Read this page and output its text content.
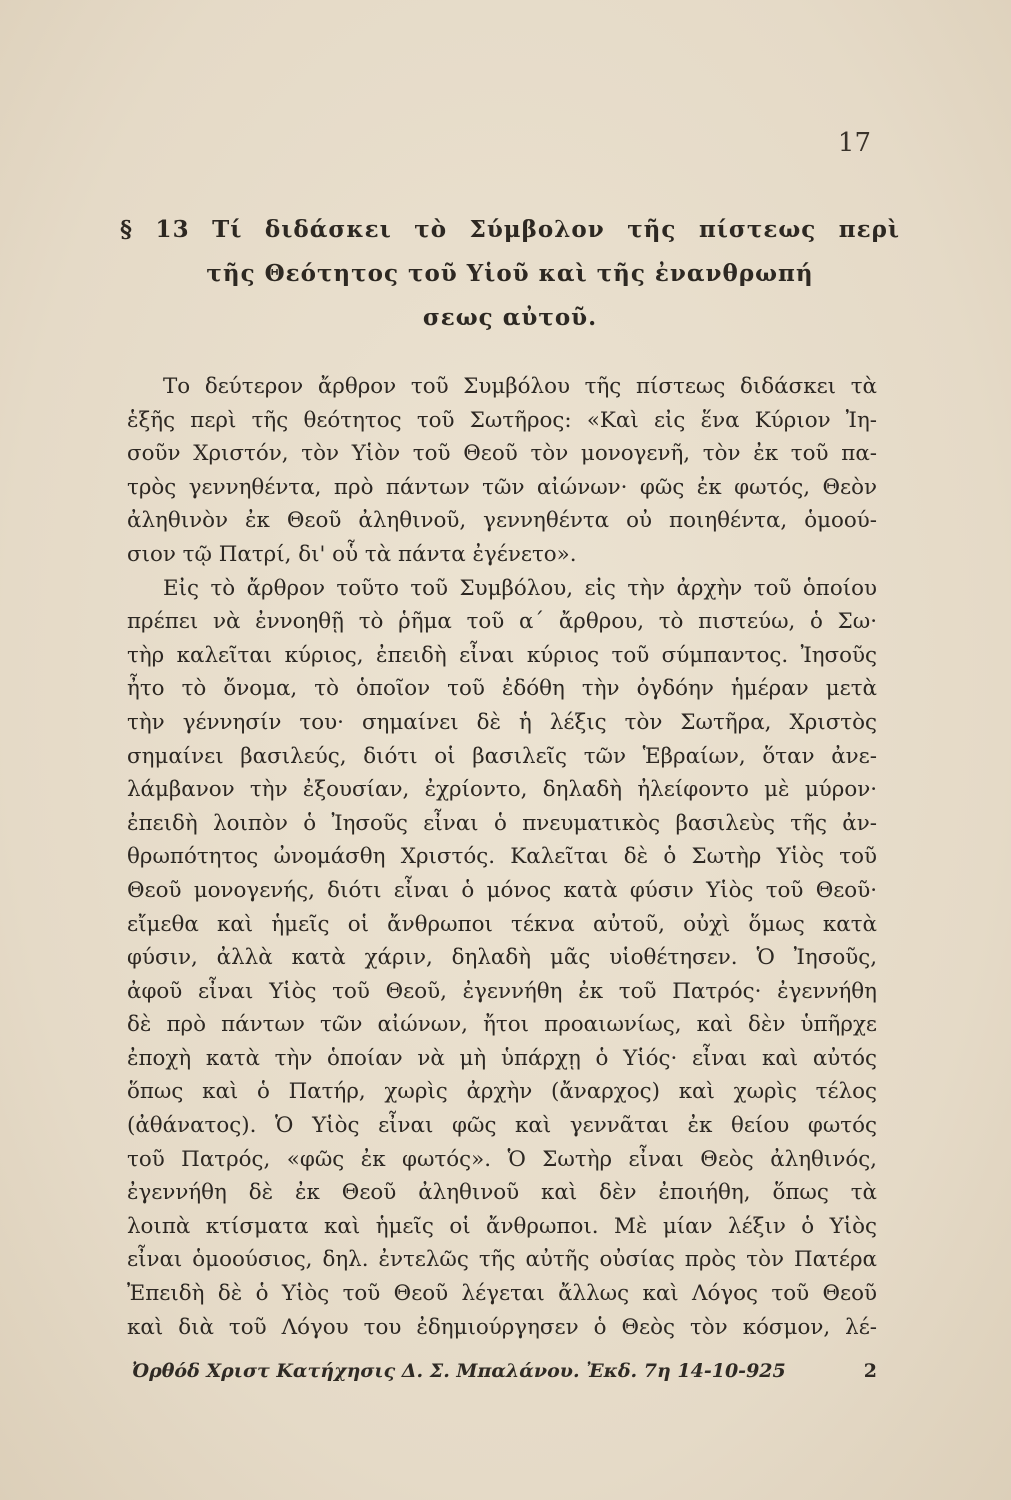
17
§ 13 Τί διδάσκει τὸ Σύμβολον τῆς πίστεως περὶ
τῆς Θεότητος τοῦ Υἱοῦ καὶ τῆς ἐνανθρωπή
σεως αὐτοῦ.
Το δεύτερον ἄρθρον τοῦ Συμβόλου τῆς πίστεως διδάσκει τὰ
ἑξῆς περὶ τῆς θεότητος τοῦ Σωτῆρος: «Καὶ εἰς ἕνα Κύριον Ἰη-
σοῦν Χριστόν, τὸν Υἱὸν τοῦ Θεοῦ τὸν μονογενῆ, τὸν ἐκ τοῦ πα-
τρὸς γεννηθέντα, πρὸ πάντων τῶν αἰώνων· φῶς ἐκ φωτός, Θεὸν
ἀληθινὸν ἐκ Θεοῦ ἀληθινοῦ, γεννηθέντα οὐ ποιηθέντα, ὁμοού-
σιον τῷ Πατρί, δι' οὗ τὰ πάντα ἐγένετο».
Εἰς τὸ ἄρθρον τοῦτο τοῦ Συμβόλου, εἰς τὴν ἀρχὴν τοῦ ὁποίου
πρέπει νὰ ἐννοηθῇ τὸ ῥῆμα τοῦ α΄ ἄρθρου, τὸ πιστεύω, ὁ Σω·
τὴρ καλεῖται κύριος, ἐπειδὴ εἶναι κύριος τοῦ σύμπαντος. Ἰησοῦς
ἦτο τὸ ὄνομα, τὸ ὁποῖον τοῦ ἐδόθη τὴν ὀγδόην ἡμέραν μετὰ
τὴν γέννησίν του· σημαίνει δὲ ἡ λέξις τὸν Σωτῆρα, Χριστὸς
σημαίνει βασιλεύς, διότι οἱ βασιλεῖς τῶν Ἑβραίων, ὅταν ἀνε-
λάμβανον τὴν ἐξουσίαν, ἐχρίοντο, δηλαδὴ ἠλείφοντο μὲ μύρον·
ἐπειδὴ λοιπὸν ὁ Ἰησοῦς εἶναι ὁ πνευματικὸς βασιλεὺς τῆς ἀν-
θρωπότητος ὠνομάσθη Χριστός. Καλεῖται δὲ ὁ Σωτὴρ Υἱὸς τοῦ
Θεοῦ μονογενής, διότι εἶναι ὁ μόνος κατὰ φύσιν Υἱὸς τοῦ Θεοῦ·
εἴμεθα καὶ ἡμεῖς οἱ ἄνθρωποι τέκνα αὐτοῦ, οὐχὶ ὅμως κατὰ
φύσιν, ἀλλὰ κατὰ χάριν, δηλαδὴ μᾶς υἱοθέτησεν. Ὁ Ἰησοῦς,
ἀφοῦ εἶναι Υἱὸς τοῦ Θεοῦ, ἐγεννήθη ἐκ τοῦ Πατρός· ἐγεννήθη
δὲ πρὸ πάντων τῶν αἰώνων, ἤτοι προαιωνίως, καὶ δὲν ὑπῆρχε
ἐποχὴ κατὰ τὴν ὁποίαν νὰ μὴ ὑπάρχῃ ὁ Υἱός· εἶναι καὶ αὐτός
ὅπως καὶ ὁ Πατήρ, χωρὶς ἀρχὴν (ἄναρχος) καὶ χωρὶς τέλος
(ἀθάνατος). Ὁ Υἱὸς εἶναι φῶς καὶ γεννᾶται ἐκ θείου φωτός
τοῦ Πατρός, «φῶς ἐκ φωτός». Ὁ Σωτὴρ εἶναι Θεὸς ἀληθινός,
ἐγεννήθη δὲ ἐκ Θεοῦ ἀληθινοῦ καὶ δὲν ἐποιήθη, ὅπως τὰ
λοιπὰ κτίσματα καὶ ἡμεῖς οἱ ἄνθρωποι. Μὲ μίαν λέξιν ὁ Υἱὸς
εἶναι ὁμοούσιος, δηλ. ἐντελῶς τῆς αὐτῆς οὐσίας πρὸς τὸν Πατέρα
Ἐπειδὴ δὲ ὁ Υἱὸς τοῦ Θεοῦ λέγεται ἄλλως καὶ Λόγος τοῦ Θεοῦ
καὶ διὰ τοῦ Λόγου του ἐδημιούργησεν ὁ Θεὸς τὸν κόσμον, λέ-
Ὀρθόδ Χριστ Κατήχησις Δ. Σ. Μπαλάνου. Ἐκδ. 7η 14-10-925	2
